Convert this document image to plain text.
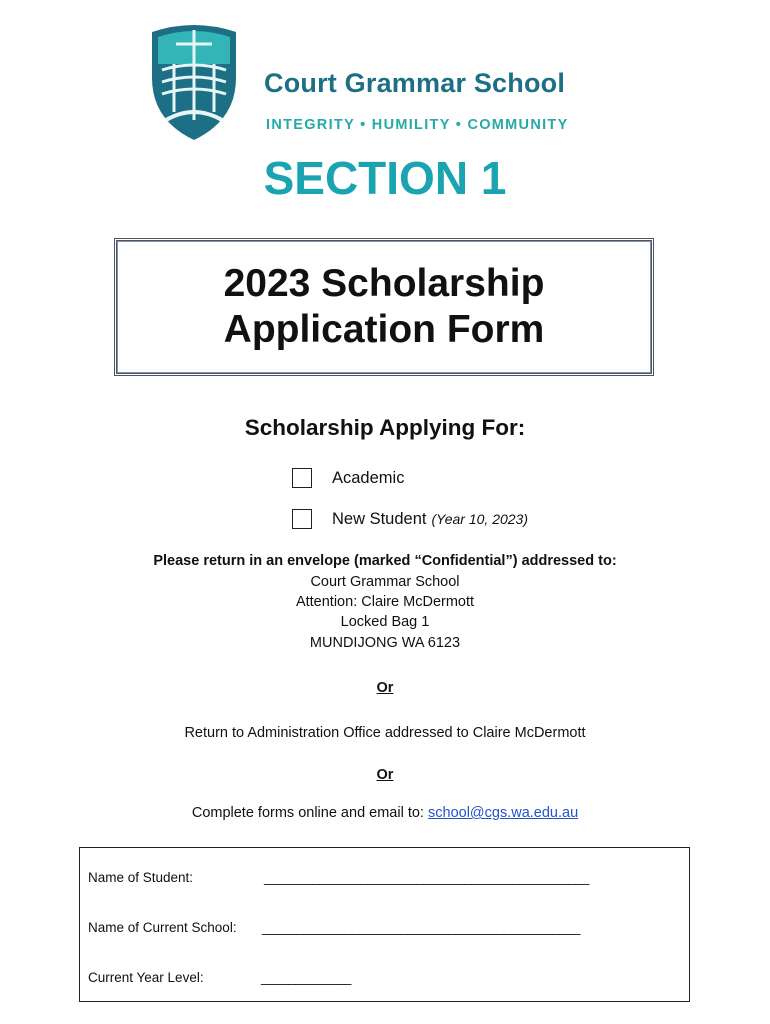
Court Grammar School
INTEGRITY • HUMILITY • COMMUNITY
SECTION 1
2023 Scholarship
Application Form
Scholarship Applying For:
Academic
New Student (Year 10, 2023)
Please return in an envelope (marked “Confidential”) addressed to:
Court Grammar School
Attention: Claire McDermott
Locked Bag 1
MUNDIJONG WA 6123
Or
Return to Administration Office addressed to Claire McDermott
Or
Complete forms online and email to: school@cgs.wa.edu.au
Name of Student:	_______________________________________________
Name of Current School: ______________________________________________
Current Year Level:	_____________
